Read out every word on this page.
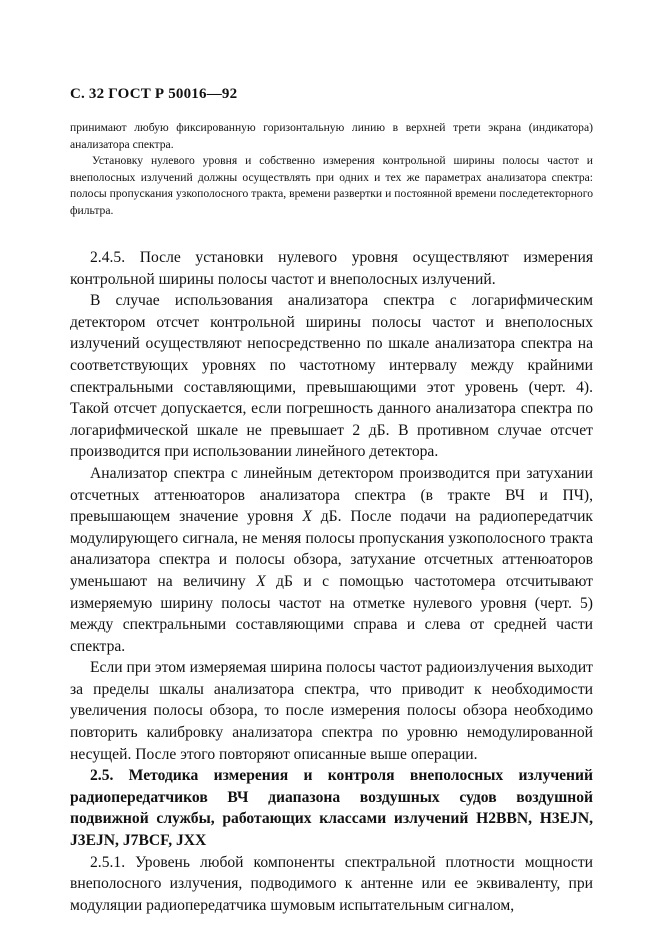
С. 32 ГОСТ Р 50016—92

принимают любую фиксированную горизонтальную линию в верхней трети экрана (индикатора) анализатора спектра.

Установку нулевого уровня и собственно измерения контрольной ширины полосы частот и внеполосных излучений должны осуществлять при одних и тех же параметрах анализатора спектра: полосы пропускания узкополосного тракта, времени развертки и постоянной времени последетекторного фильтра.

2.4.5. После установки нулевого уровня осуществляют измерения контрольной ширины полосы частот и внеполосных излучений.

В случае использования анализатора спектра с логарифмическим детектором отсчет контрольной ширины полосы частот и внеполосных излучений осуществляют непосредственно по шкале анализатора спектра на соответствующих уровнях по частотному интервалу между крайними спектральными составляющими, превышающими этот уровень (черт. 4). Такой отсчет допускается, если погрешность данного анализатора спектра по логарифмической шкале не превышает 2 дБ. В противном случае отсчет производится при использовании линейного детектора.

Анализатор спектра с линейным детектором производится при затухании отсчетных аттенюаторов анализатора спектра (в тракте ВЧ и ПЧ), превышающем значение уровня X дБ. После подачи на радиопередатчик модулирующего сигнала, не меняя полосы пропускания узкополосного тракта анализатора спектра и полосы обзора, затухание отсчетных аттенюаторов уменьшают на величину X дБ и с помощью частотомера отсчитывают измеряемую ширину полосы частот на отметке нулевого уровня (черт. 5) между спектральными составляющими справа и слева от средней части спектра.

Если при этом измеряемая ширина полосы частот радиоизлучения выходит за пределы шкалы анализатора спектра, что приводит к необходимости увеличения полосы обзора, то после измерения полосы обзора необходимо повторить калибровку анализатора спектра по уровню немодулированной несущей. После этого повторяют описанные выше операции.

2.5. Методика измерения и контроля внеполосных излучений радиопередатчиков ВЧ диапазона воздушных судов воздушной подвижной службы, работающих классами излучений H2BBN, H3EJN, J3EJN, J7BCF, JXX

2.5.1. Уровень любой компоненты спектральной плотности мощности внеполосного излучения, подводимого к антенне или ее эквиваленту, при модуляции радиопередатчика шумовым испытательным сигналом,
